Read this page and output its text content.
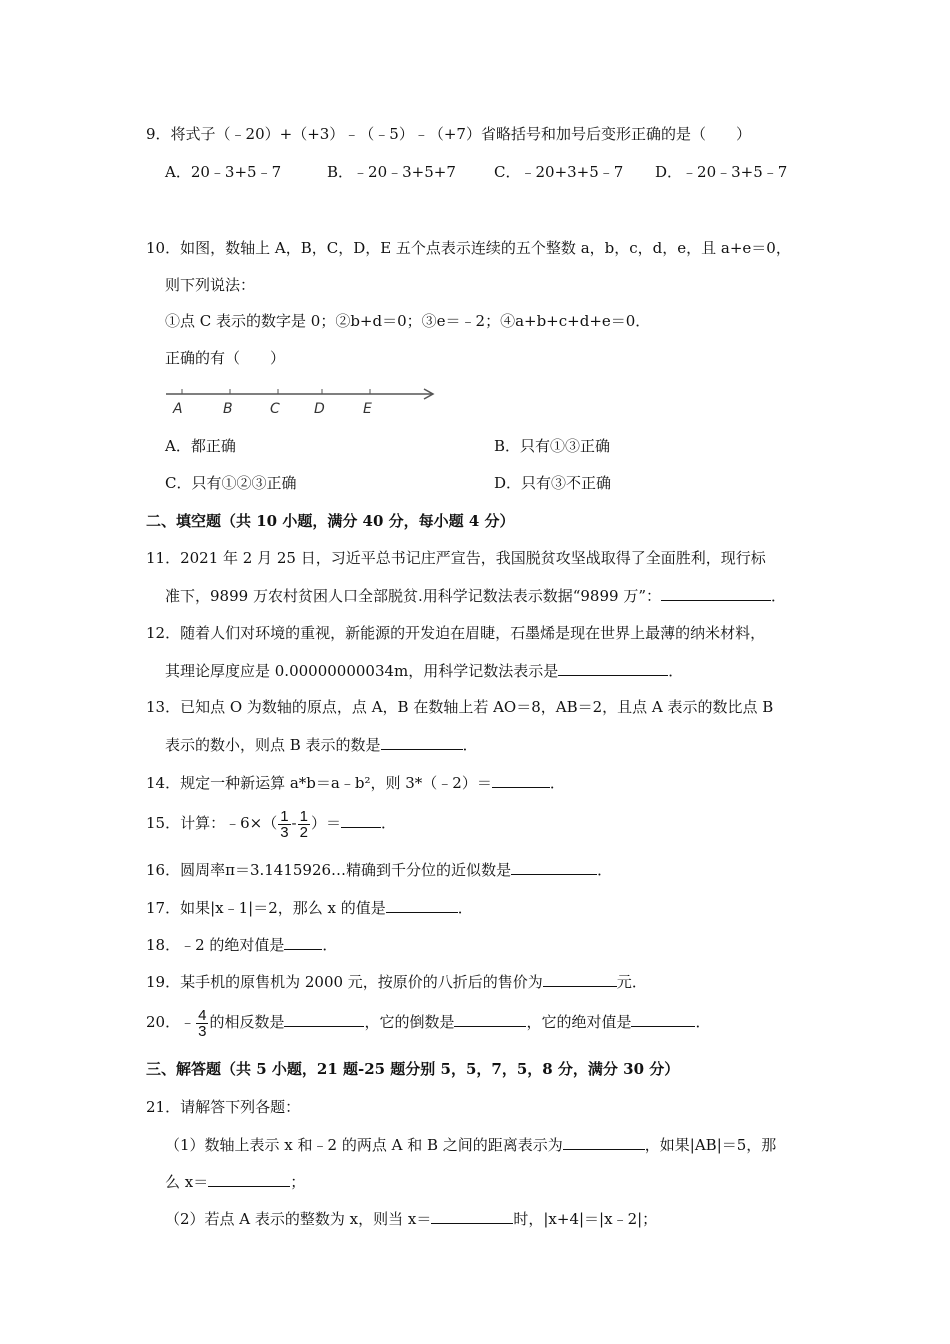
9．将式子（﹣20）+（+3）﹣（﹣5）﹣（+7）省略括号和加号后变形正确的是（　　）
A．20﹣3+5﹣7	B．﹣20﹣3+5+7	C．﹣20+3+5﹣7 D．﹣20﹣3+5﹣7
10．如图，数轴上 A，B，C，D，E 五个点表示连续的五个整数 a，b，c，d，e，且 a+e＝0，
则下列说法：
①点 C 表示的数字是 0；②b+d＝0；③e＝﹣2；④a+b+c+d+e＝0．
正确的有（　　）
A	B	C D	E
A．都正确	B．只有①③正确
C．只有①②③正确	D．只有③不正确
二、填空题（共 10 小题，满分 40 分，每小题 4 分）
11．2021 年 2 月 25 日，习近平总书记庄严宣告，我国脱贫攻坚战取得了全面胜利，现行标
准下，9899 万农村贫困人口全部脱贫.用科学记数法表示数据“9899 万”：	．
12．随着人们对环境的重视，新能源的开发迫在眉睫，石墨烯是现在世界上最薄的纳米材料，
其理论厚度应是 0.00000000034m，用科学记数法表示是	．
13．已知点 O 为数轴的原点，点 A，B 在数轴上若 AO＝8，AB＝2，且点 A 表示的数比点 B
表示的数小，则点 B 表示的数是	．
14．规定一种新运算 a*b＝a﹣b²，则 3*（﹣2）＝	．
15．计算：﹣6×（ $\frac{1}{3} - \frac{1}{2}$ ）＝	．
16．圆周率π＝3.1415926…精确到千分位的近似数是	．
17．如果|x﹣1|＝2，那么 x 的值是	．
18．﹣2 的绝对值是	．
19．某手机的原售机为 2000 元，按原价的八折后的售价为	元．
20．﹣ $\frac{4}{3}$ 的相反数是	，它的倒数是	，它的绝对值是	．
三、解答题（共 5 小题，21 题-25 题分别 5，5，7，5，8 分，满分 30 分）
21．请解答下列各题：
（1）数轴上表示 x 和﹣2 的两点 A 和 B 之间的距离表示为	，如果|AB|＝5，那
么 x＝	；
（2）若点 A 表示的整数为 x，则当 x＝	时，|x+4|＝|x﹣2|；
